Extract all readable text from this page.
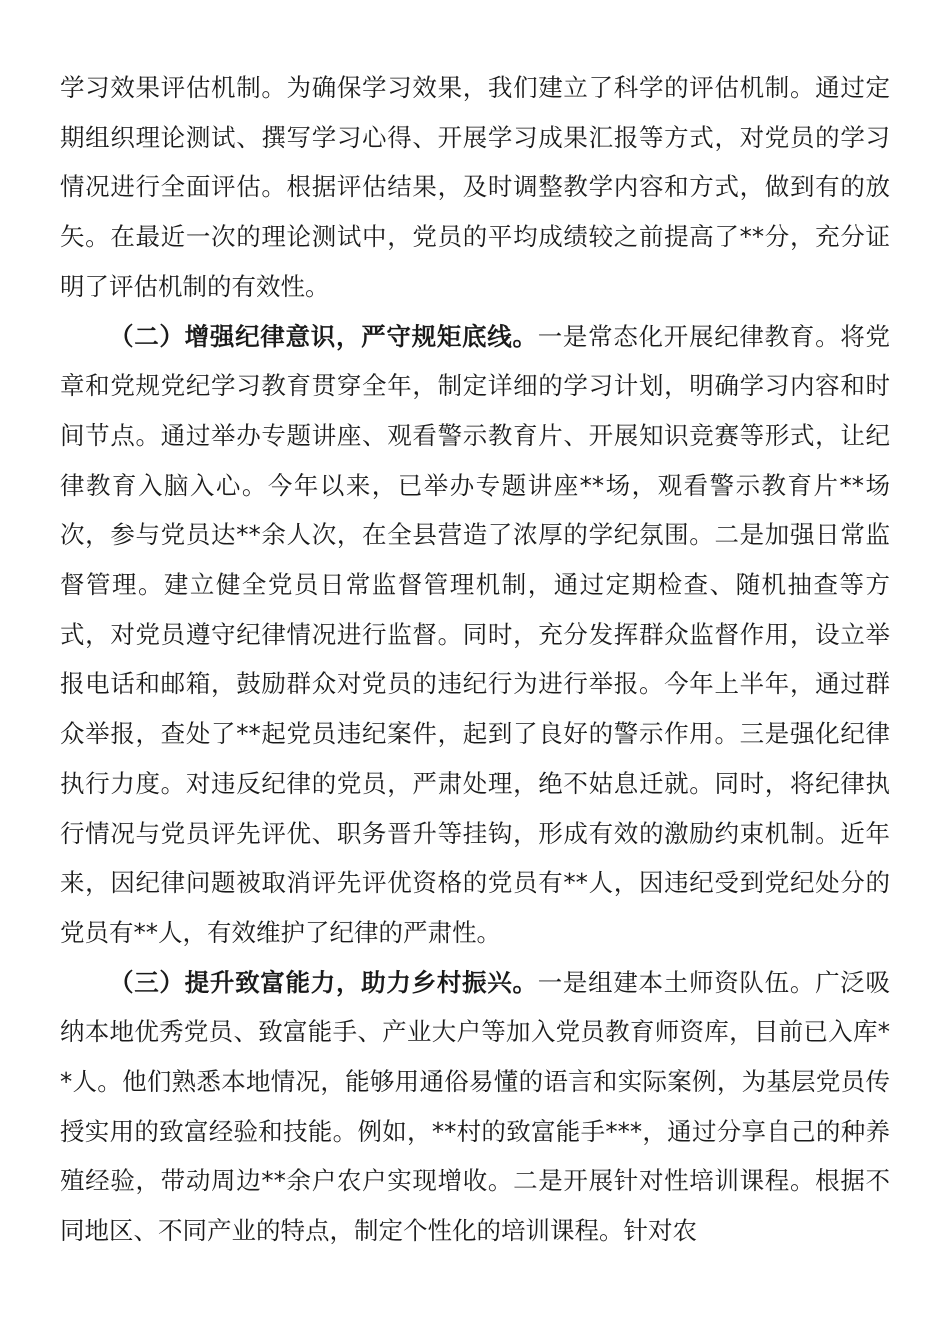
学习效果评估机制。为确保学习效果，我们建立了科学的评估机制。通过定期组织理论测试、撰写学习心得、开展学习成果汇报等方式，对党员的学习情况进行全面评估。根据评估结果，及时调整教学内容和方式，做到有的放矢。在最近一次的理论测试中，党员的平均成绩较之前提高了**分，充分证明了评估机制的有效性。

（二）增强纪律意识，严守规矩底线。一是常态化开展纪律教育。将党章和党规党纪学习教育贯穿全年，制定详细的学习计划，明确学习内容和时间节点。通过举办专题讲座、观看警示教育片、开展知识竞赛等形式，让纪律教育入脑入心。今年以来，已举办专题讲座**场，观看警示教育片**场次，参与党员达**余人次，在全县营造了浓厚的学纪氛围。二是加强日常监督管理。建立健全党员日常监督管理机制，通过定期检查、随机抽查等方式，对党员遵守纪律情况进行监督。同时，充分发挥群众监督作用，设立举报电话和邮箱，鼓励群众对党员的违纪行为进行举报。今年上半年，通过群众举报，查处了**起党员违纪案件，起到了良好的警示作用。三是强化纪律执行力度。对违反纪律的党员，严肃处理，绝不姑息迁就。同时，将纪律执行情况与党员评先评优、职务晋升等挂钩，形成有效的激励约束机制。近年来，因纪律问题被取消评先评优资格的党员有**人，因违纪受到党纪处分的党员有**人，有效维护了纪律的严肃性。

（三）提升致富能力，助力乡村振兴。一是组建本土师资队伍。广泛吸纳本地优秀党员、致富能手、产业大户等加入党员教育师资库，目前已入库**人。他们熟悉本地情况，能够用通俗易懂的语言和实际案例，为基层党员传授实用的致富经验和技能。例如，**村的致富能手***，通过分享自己的种养殖经验，带动周边**余户农户实现增收。二是开展针对性培训课程。根据不同地区、不同产业的特点，制定个性化的培训课程。针对农
